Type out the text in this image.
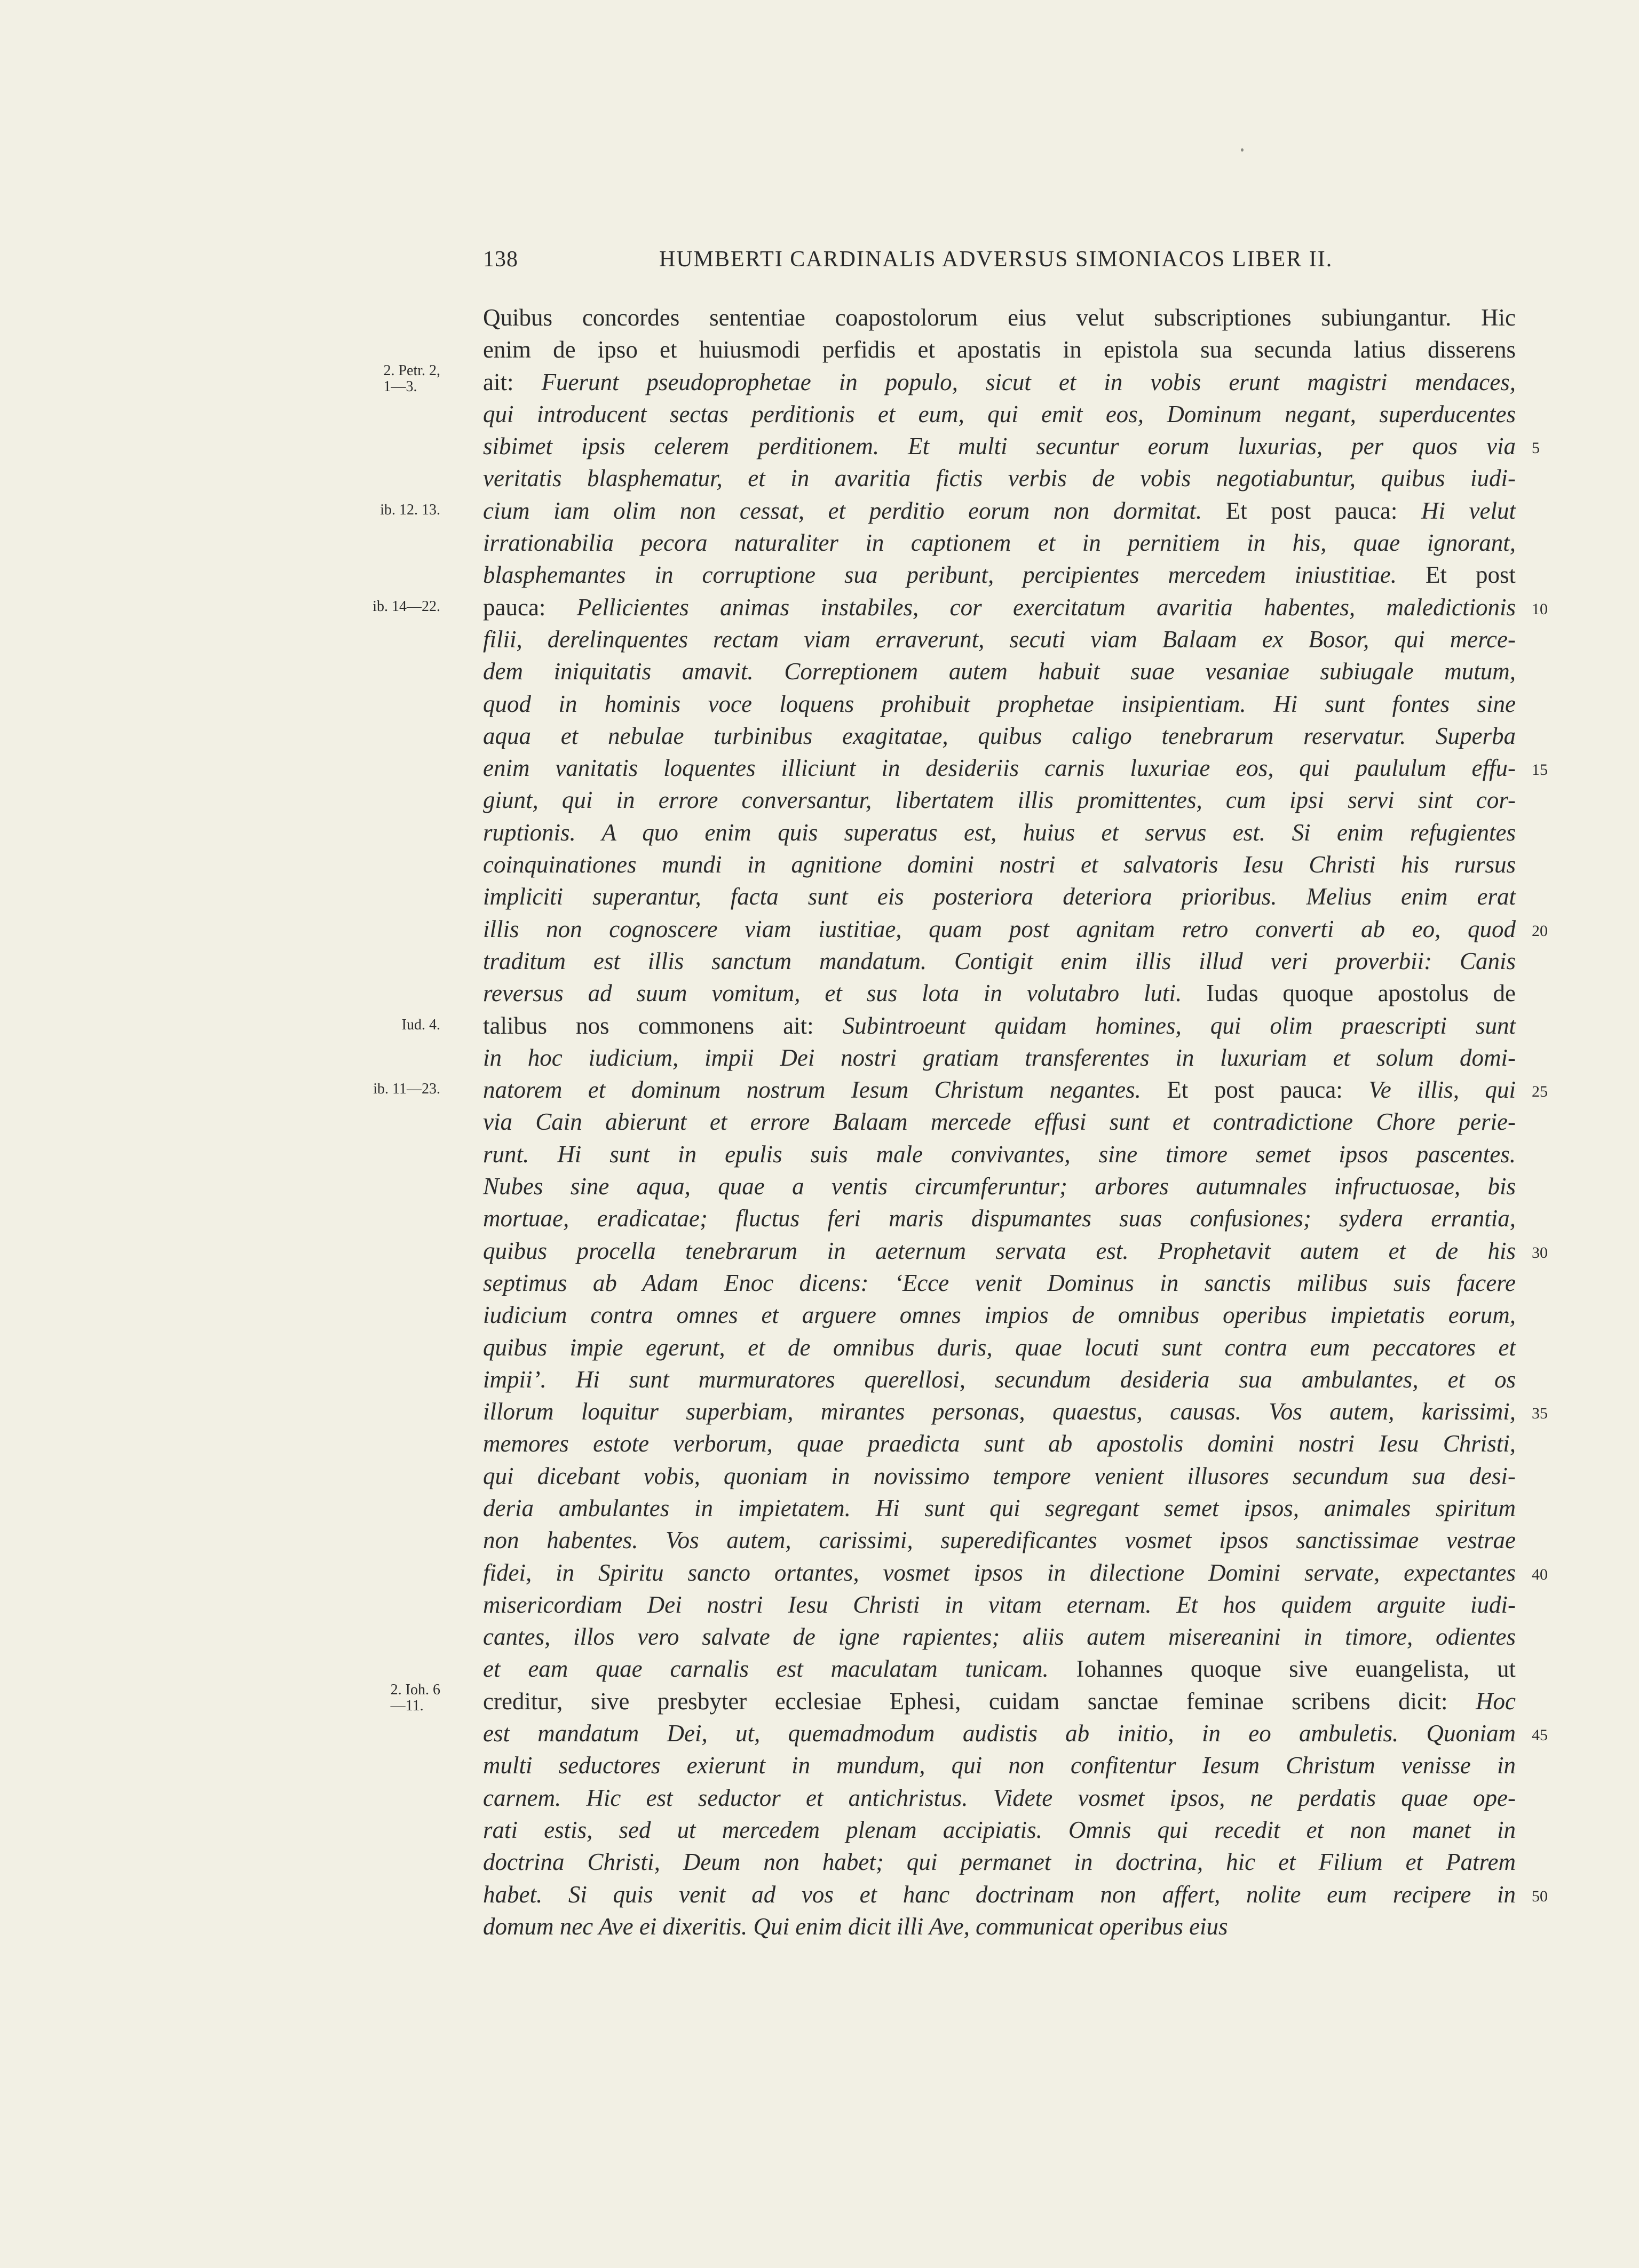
138	HUMBERTI CARDINALIS ADVERSUS SIMONIACOS LIBER II.
Quibus concordes sententiae coapostolorum eius velut subscriptiones subiungantur. Hic
enim de ipso et huiusmodi perfidis et apostatis in epistola sua secunda latius disserens
ait: Fuerunt pseudoprophetae in populo, sicut et in vobis erunt magistri mendaces,
2. Petr. 2,
1—3.
qui introducent sectas perditionis et eum, qui emit eos, Dominum negant, superducentes
sibimet ipsis celerem perditionem. Et multi secuntur eorum luxurias, per quos via 5
veritatis blasphematur, et in avaritia fictis verbis de vobis negotiabuntur, quibus iudi-
cium iam olim non cessat, et perditio eorum non dormitat. Et post pauca: Hi velut
ib. 12. 13.
irrationabilia pecora naturaliter in captionem et in pernitiem in his, quae ignorant,
blasphemantes in corruptione sua peribunt, percipientes mercedem iniustitiae. Et post
pauca: Pellicientes animas instabiles, cor exercitatum avaritia habentes, maledictionis
ib. 14—22.	10
filii, derelinquentes rectam viam erraverunt, secuti viam Balaam ex Bosor, qui merce-
dem iniquitatis amavit. Correptionem autem habuit suae vesaniae subiugale mutum,
quod in hominis voce loquens prohibuit prophetae insipientiam. Hi sunt fontes sine
aqua et nebulae turbinibus exagitatae, quibus caligo tenebrarum reservatur. Superba
enim vanitatis loquentes illiciunt in desideriis carnis luxuriae eos, qui paululum effu- 15
giunt, qui in errore conversantur, libertatem illis promittentes, cum ipsi servi sint cor-
ruptionis. A quo enim quis superatus est, huius et servus est. Si enim refugientes
coinquinationes mundi in agnitione domini nostri et salvatoris Iesu Christi his rursus
impliciti superantur, facta sunt eis posteriora deteriora prioribus. Melius enim erat
illis non cognoscere viam iustitiae, quam post agnitam retro converti ab eo, quod 20
traditum est illis sanctum mandatum. Contigit enim illis illud veri proverbii: Canis
reversus ad suum vomitum, et sus lota in volutabro luti. Iudas quoque apostolus de
talibus nos commonens ait: Subintroeunt quidam homines, qui olim praescripti sunt
Iud. 4.
in hoc iudicium, impii Dei nostri gratiam transferentes in luxuriam et solum domi-
natorem et dominum nostrum Iesum Christum negantes. Et post pauca: Ve illis, qui
ib. 11—23.	25
via Cain abierunt et errore Balaam mercede effusi sunt et contradictione Chore perie-
runt. Hi sunt in epulis suis male convivantes, sine timore semet ipsos pascentes.
Nubes sine aqua, quae a ventis circumferuntur; arbores autumnales infructuosae, bis
mortuae, eradicatae; fluctus feri maris dispumantes suas confusiones; sydera errantia,
quibus procella tenebrarum in aeternum servata est. Prophetavit autem et de his 30
septimus ab Adam Enoc dicens: ‘Ecce venit Dominus in sanctis milibus suis facere
iudicium contra omnes et arguere omnes impios de omnibus operibus impietatis eorum,
quibus impie egerunt, et de omnibus duris, quae locuti sunt contra eum peccatores et
impii’. Hi sunt murmuratores querellosi, secundum desideria sua ambulantes, et os
illorum loquitur superbiam, mirantes personas, quaestus, causas. Vos autem, karissimi, 35
memores estote verborum, quae praedicta sunt ab apostolis domini nostri Iesu Christi,
qui dicebant vobis, quoniam in novissimo tempore venient illusores secundum sua desi-
deria ambulantes in impietatem. Hi sunt qui segregant semet ipsos, animales spiritum
non habentes. Vos autem, carissimi, superedificantes vosmet ipsos sanctissimae vestrae
fidei, in Spiritu sancto ortantes, vosmet ipsos in dilectione Domini servate, expectantes 40
misericordiam Dei nostri Iesu Christi in vitam eternam. Et hos quidem arguite iudi-
cantes, illos vero salvate de igne rapientes; aliis autem misereanini in timore, odientes
et eam quae carnalis est maculatam tunicam. Iohannes quoque sive euangelista, ut
creditur, sive presbyter ecclesiae Ephesi, cuidam sanctae feminae scribens dicit: Hoc
2. Ioh. 6
—11.
est mandatum Dei, ut, quemadmodum audistis ab initio, in eo ambuletis. Quoniam 45
multi seductores exierunt in mundum, qui non confitentur Iesum Christum venisse in
carnem. Hic est seductor et antichristus. Videte vosmet ipsos, ne perdatis quae ope-
rati estis, sed ut mercedem plenam accipiatis. Omnis qui recedit et non manet in
doctrina Christi, Deum non habet; qui permanet in doctrina, hic et Filium et Patrem
habet. Si quis venit ad vos et hanc doctrinam non affert, nolite eum recipere in 50
domum nec Ave ei dixeritis. Qui enim dicit illi Ave, communicat operibus eius
